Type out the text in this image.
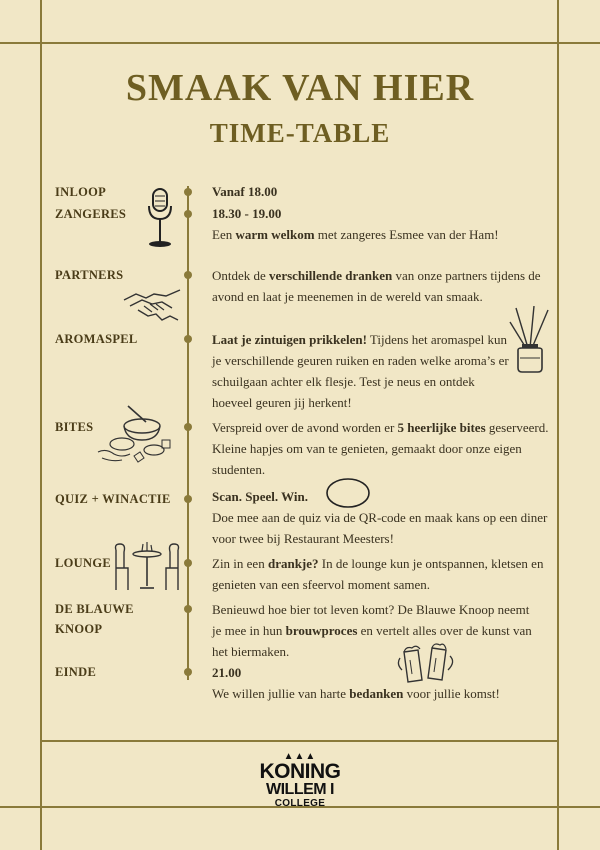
SMAAK VAN HIER
TIME-TABLE
INLOOP
ZANGERES
PARTNERS
AROMASPEL
BITES
QUIZ + WINACTIE
LOUNGE
DE BLAUWE
KNOOP
EINDE
Vanaf 18.00
18.30 - 19.00
Een warm welkom met zangeres Esmee van der Ham!
Ontdek de verschillende dranken van onze partners tijdens de avond en laat je meenemen in de wereld van smaak.
Laat je zintuigen prikkelen! Tijdens het aromaspel kun je verschillende geuren ruiken en raden welke aroma’s er schuilgaan achter elk flesje. Test je neus en ontdek hoeveel geuren jij herkent!
Verspreid over de avond worden er 5 heerlijke bites geserveerd. Kleine hapjes om van te genieten, gemaakt door onze eigen studenten.
Scan. Speel. Win.
Doe mee aan de quiz via de QR-code en maak kans op een diner voor twee bij Restaurant Meesters!
Zin in een drankje? In de lounge kun je ontspannen, kletsen en genieten van een sfeervol moment samen.
Benieuwd hoe bier tot leven komt? De Blauwe Knoop neemt je mee in hun brouwproces en vertelt alles over de kunst van het biermaken.
21.00
We willen jullie van harte bedanken voor jullie komst!
▲▲▲
KONING
WILLEM I
COLLEGE
